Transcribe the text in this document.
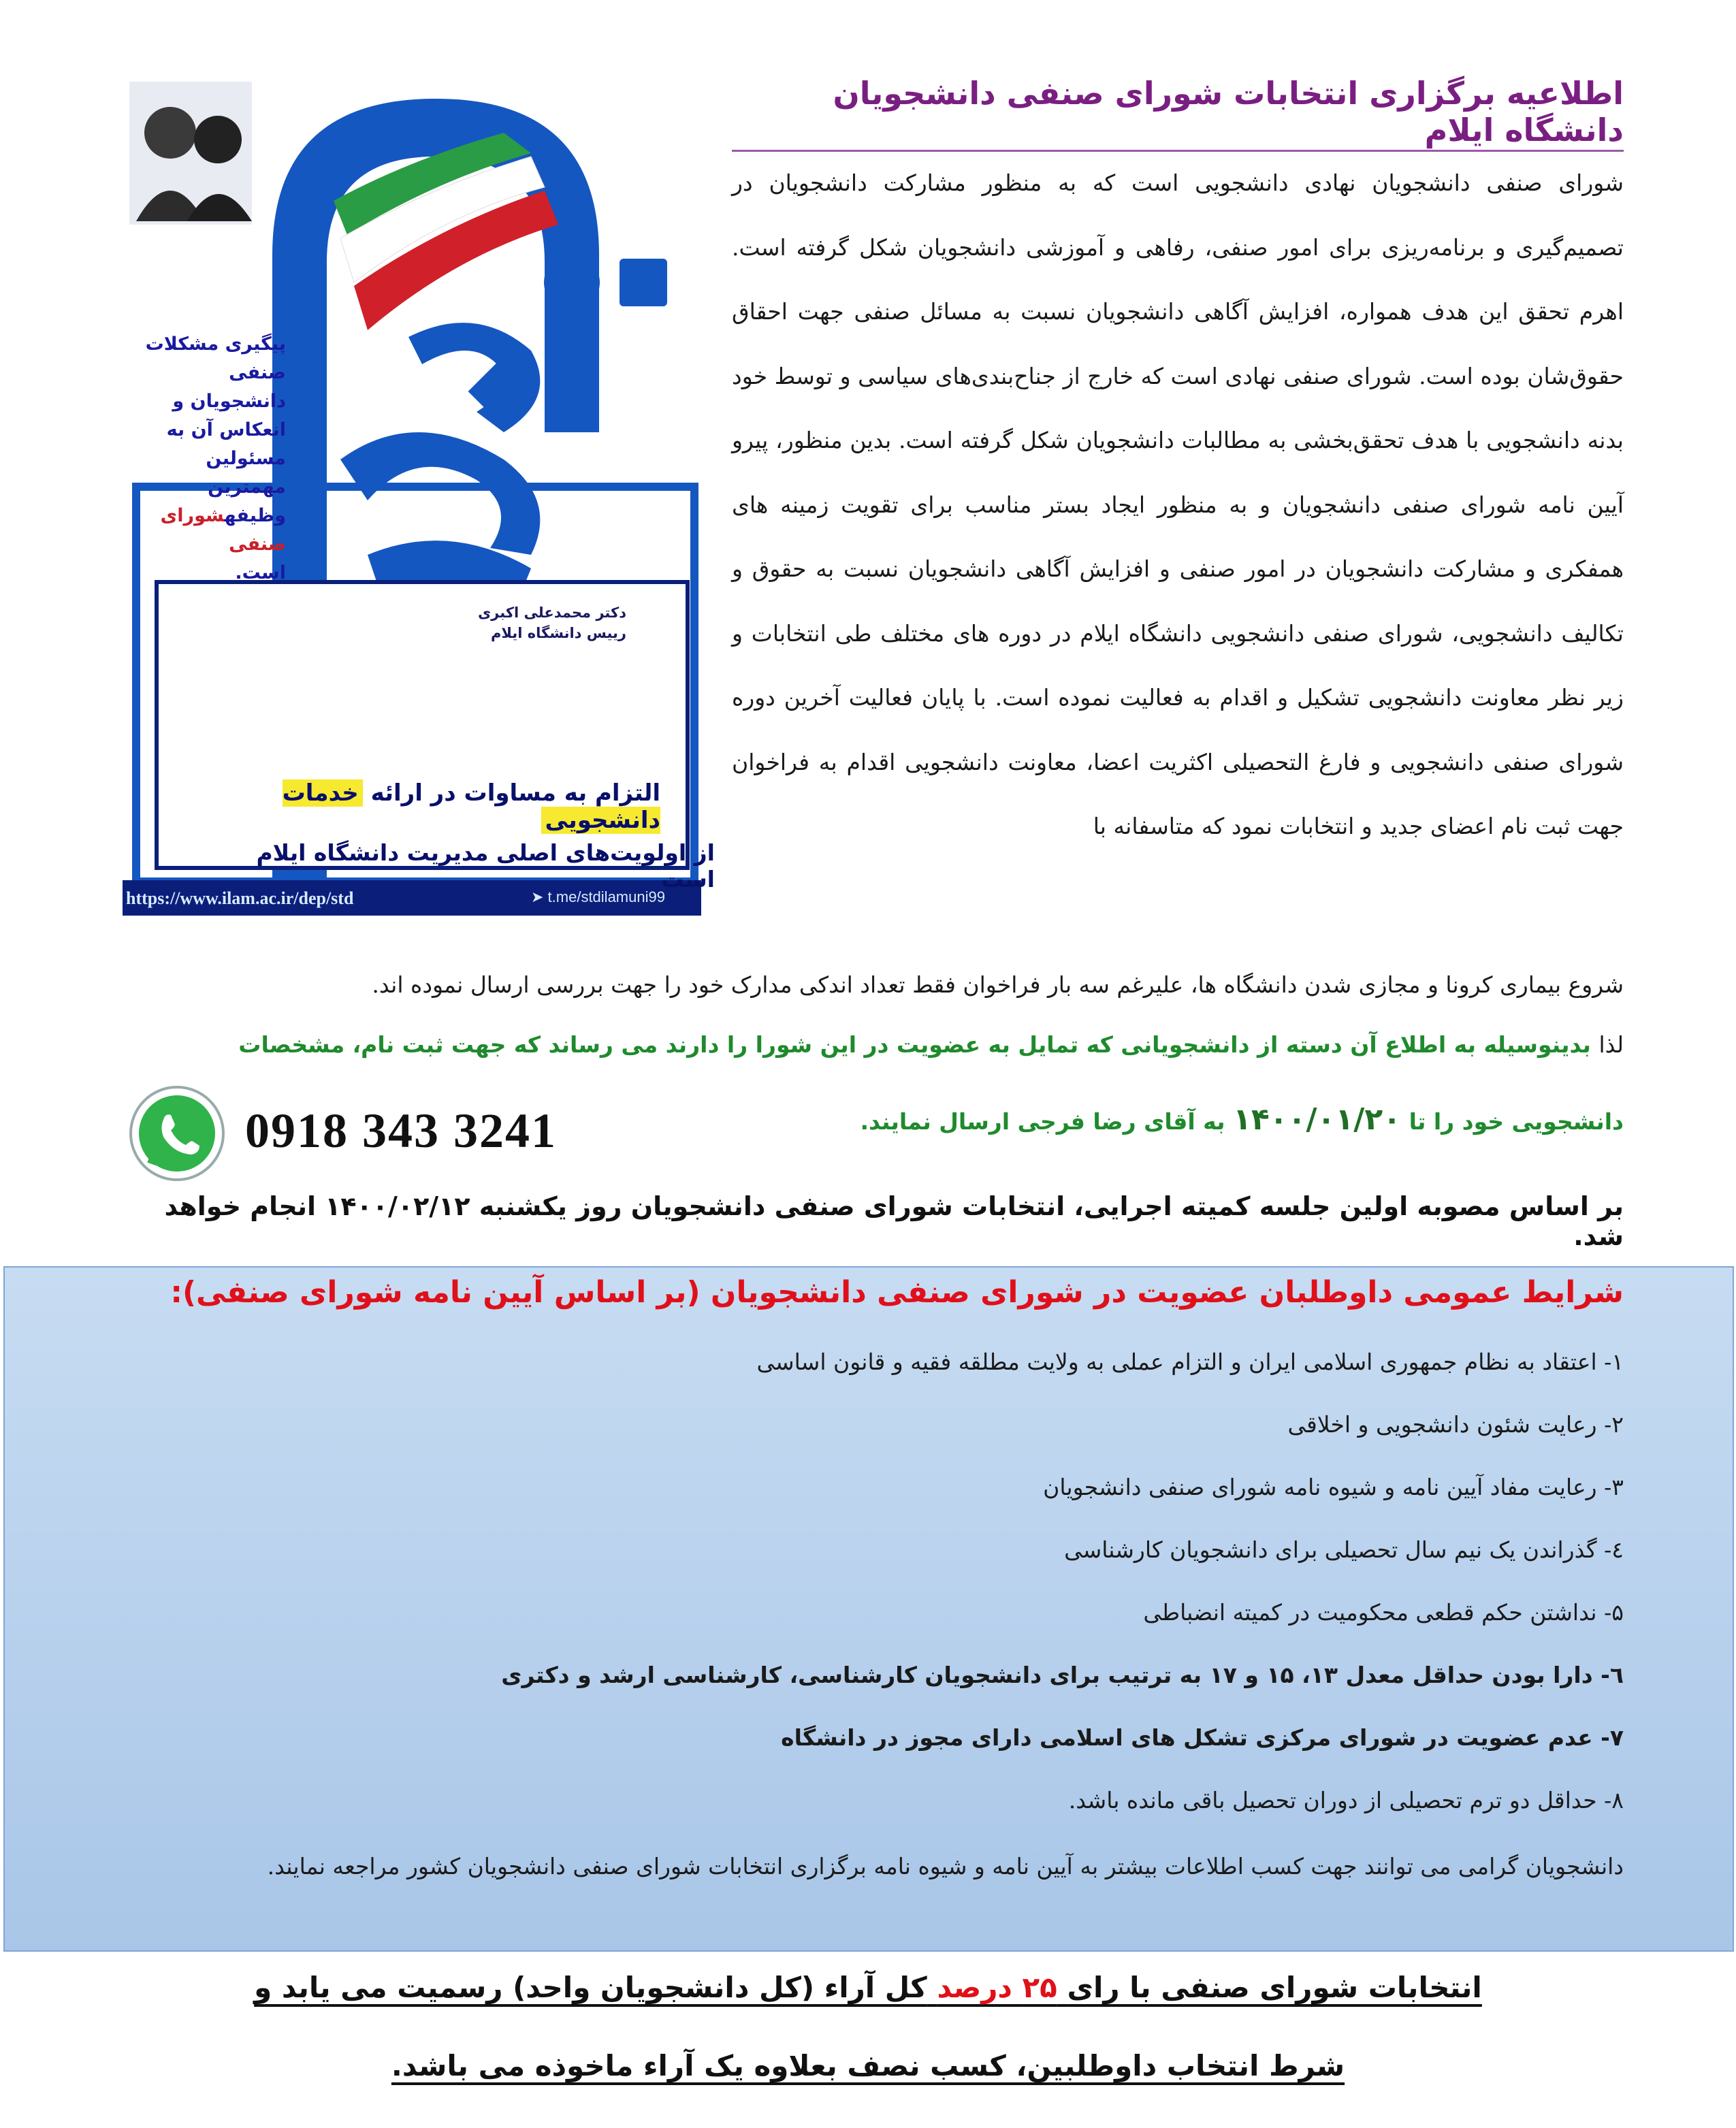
پیگیری مشکلات
صنفی دانشجویان و
انعکاس آن به
مسئولین مهمترین
وظیفهشورای صنفی
است.
دکتر محمدعلی اکبری
رییس دانشگاه ایلام
التزام به مساوات در ارائه خدمات دانشجویی
از اولویت‌های اصلی مدیریت دانشگاه ایلام است
https://www.ilam.ac.ir/dep/std	➤ t.me/stdilamuni99
اطلاعیه برگزاری انتخابات شورای صنفی دانشجویان دانشگاه ایلام
شورای صنفی دانشجویان نهادی دانشجویی است که به منظور مشارکت دانشجویان در تصمیم‌گیری و برنامه‌ریزی برای امور صنفی، رفاهی و آموزشی دانشجویان شکل گرفته است. اهرم تحقق این هدف همواره، افزایش آگاهی دانشجویان نسبت به مسائل صنفی جهت احقاق حقوق‌شان بوده است. شورای صنفی نهادی است که خارج از جناح‌بندی‌های سیاسی و توسط خود بدنه دانشجویی با هدف تحقق‌بخشی به مطالبات دانشجویان شکل گرفته است. بدین منظور، پیرو آیین نامه شورای صنفی دانشجویان و به منظور ایجاد بستر مناسب برای تقویت زمینه های همفکری و مشارکت دانشجویان در امور صنفی و افزایش آگاهی دانشجویان نسبت به حقوق و تکالیف دانشجویی، شورای صنفی دانشجویی دانشگاه ایلام در دوره های مختلف طی انتخابات و زیر نظر معاونت دانشجویی تشکیل و اقدام به فعالیت نموده است. با پایان فعالیت آخرین دوره شورای صنفی دانشجویی و فارغ التحصیلی اکثریت اعضا، معاونت دانشجویی اقدام به فراخوان جهت ثبت نام اعضای جدید و انتخابات نمود که متاسفانه با
شروع بیماری کرونا و مجازی شدن دانشگاه ها، علیرغم سه بار فراخوان فقط تعداد اندکی مدارک خود را جهت بررسی ارسال نموده اند.
لذا بدینوسیله به اطلاع آن دسته از دانشجویانی که تمایل به عضویت در این شورا را دارند می رساند که جهت ثبت نام، مشخصات
دانشجویی خود را تا ۱۴۰۰/۰۱/۲۰ به آقای رضا فرجی ارسال نمایند.
0918 343 3241
بر اساس مصوبه اولین جلسه کمیته اجرایی، انتخابات شورای صنفی دانشجویان روز یکشنبه ۱۴۰۰/۰۲/۱۲ انجام خواهد شد.
شرایط عمومی داوطلبان عضویت در شورای صنفی دانشجویان (بر اساس آیین نامه شورای صنفی):
۱- اعتقاد به نظام جمهوری اسلامی ایران و التزام عملی به ولایت مطلقه فقیه و قانون اساسی
۲- رعایت شئون دانشجویی و اخلاقی
۳- رعایت مفاد آیین نامه و شیوه نامه شورای صنفی دانشجویان
٤- گذراندن یک نیم سال تحصیلی برای دانشجویان کارشناسی
۵- نداشتن حکم قطعی محکومیت در کمیته انضباطی
٦- دارا بودن حداقل معدل ۱۳، ۱۵ و ۱۷ به ترتیب برای دانشجویان کارشناسی، کارشناسی ارشد و دکتری
۷- عدم عضویت در شورای مرکزی تشکل های اسلامی دارای مجوز در دانشگاه
۸- حداقل دو ترم تحصیلی از دوران تحصیل باقی مانده باشد.
دانشجویان گرامی می توانند جهت کسب اطلاعات بیشتر به آیین نامه و شیوه نامه برگزاری انتخابات شورای صنفی دانشجویان کشور مراجعه نمایند.
انتخابات شورای صنفی با رای ۲۵ درصد کل آراء (کل دانشجویان واحد) رسمیت می یابد و
شرط انتخاب داوطلبین، کسب نصف بعلاوه یک آراء ماخوذه می باشد.
